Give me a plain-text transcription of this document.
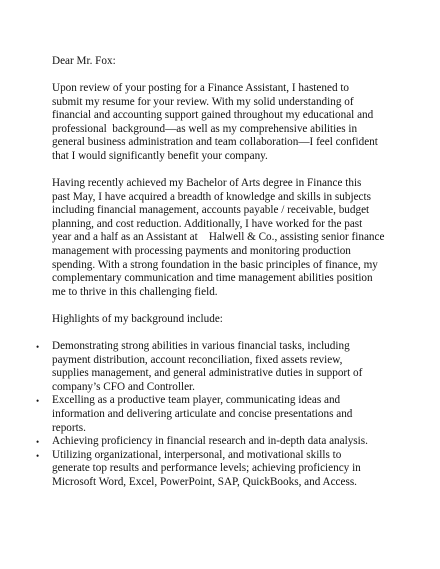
Dear Mr. Fox:
Upon review of your posting for a Finance Assistant, I hastened to
submit my resume for your review. With my solid understanding of
financial and accounting support gained throughout my educational and
professional  background—as well as my comprehensive abilities in
general business administration and team collaboration—I feel confident
that I would significantly benefit your company.
Having recently achieved my Bachelor of Arts degree in Finance this
past May, I have acquired a breadth of knowledge and skills in subjects
including financial management, accounts payable / receivable, budget
planning, and cost reduction. Additionally, I have worked for the past
year and a half as an Assistant at    Halwell & Co., assisting senior finance
management with processing payments and monitoring production
spending. With a strong foundation in the basic principles of finance, my
complementary communication and time management abilities position
me to thrive in this challenging field.
Highlights of my background include:
• Demonstrating strong abilities in various financial tasks, including
payment distribution, account reconciliation, fixed assets review,
supplies management, and general administrative duties in support of
company’s CFO and Controller.
• Excelling as a productive team player, communicating ideas and
information and delivering articulate and concise presentations and
reports.
• Achieving proficiency in financial research and in-depth data analysis.
• Utilizing organizational, interpersonal, and motivational skills to
generate top results and performance levels; achieving proficiency in
Microsoft Word, Excel, PowerPoint, SAP, QuickBooks, and Access.
